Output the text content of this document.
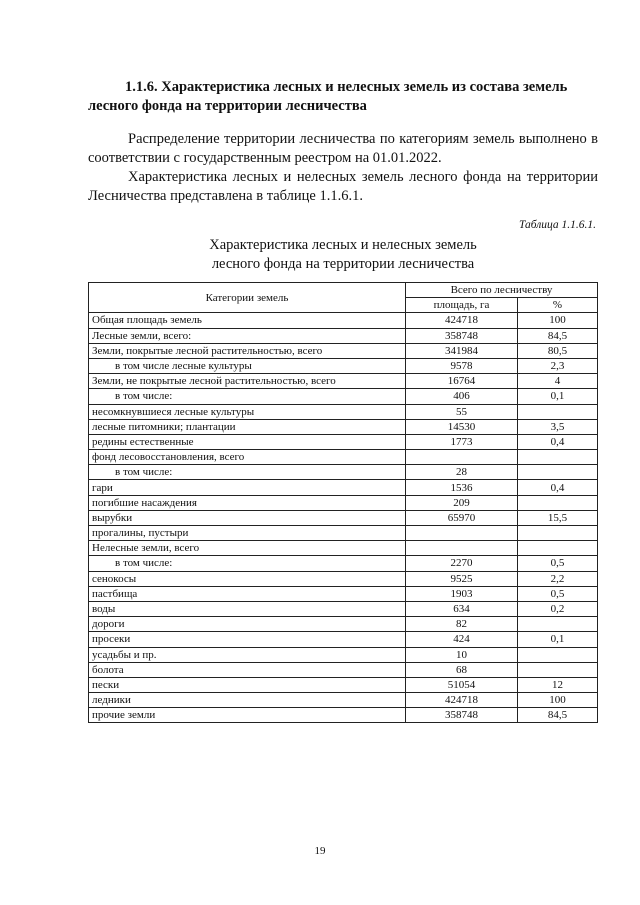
1.1.6. Характеристика лесных и нелесных земель из состава земель
лесного фонда на территории лесничества
Распределение территории лесничества по категориям земель выполнено в соответствии с государственным реестром на 01.01.2022.
Характеристика лесных и нелесных земель лесного фонда на территории Лесничества представлена в таблице 1.1.6.1.
Таблица 1.1.6.1.
Характеристика лесных и нелесных земель
лесного фонда на территории лесничества
Категории земель	Всего по лесничеству	
	площадь, га	%
Общая площадь земель	424718	100
Лесные земли, всего:	358748	84,5
Земли, покрытые лесной растительностью, всего	341984	80,5
в том числе лесные культуры	9578	2,3
Земли, не покрытые лесной растительностью, всего	16764	4
в том числе:	406	0,1
несомкнувшиеся лесные культуры	55	
лесные питомники; плантации	14530	3,5
редины естественные	1773	0,4
фонд лесовосстановления, всего		
в том числе:	28	
гари	1536	0,4
погибшие насаждения	209	
вырубки	65970	15,5
прогалины, пустыри		
Нелесные земли, всего		
в том числе:	2270	0,5
сенокосы	9525	2,2
пастбища	1903	0,5
воды	634	0,2
дороги	82	
просеки	424	0,1
усадьбы и пр.	10	
болота	68	
пески	51054	12
ледники	424718	100
прочие земли	358748	84,5
19
